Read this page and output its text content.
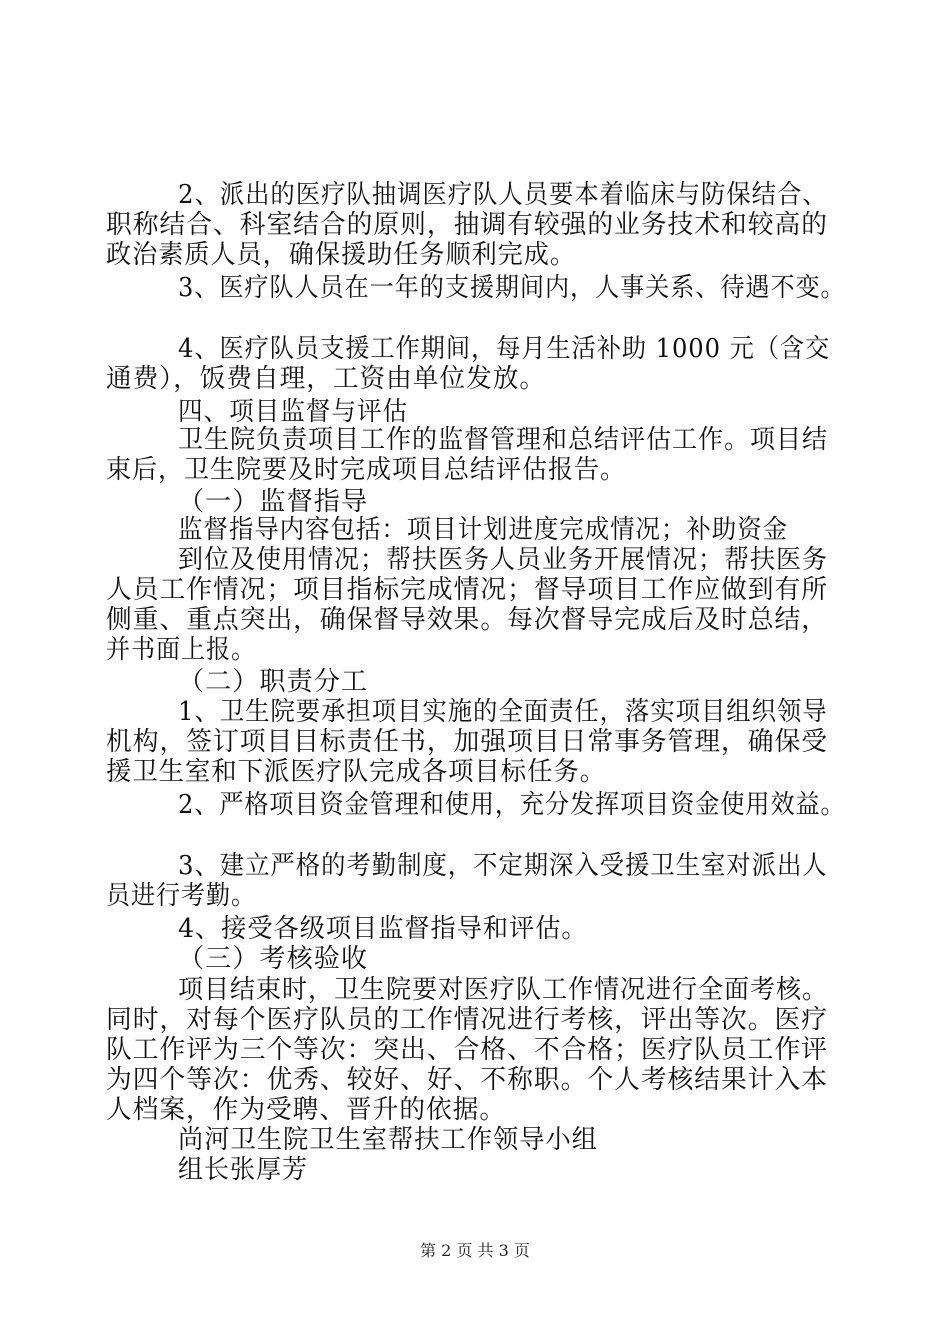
2、派出的医疗队抽调医疗队人员要本着临床与防保结合、
职称结合、科室结合的原则，抽调有较强的业务技术和较高的
政治素质人员，确保援助任务顺利完成。
3、医疗队人员在一年的支援期间内，人事关系、待遇不变。
4、医疗队员支援工作期间，每月生活补助 1000 元（含交
通费），饭费自理，工资由单位发放。
四、项目监督与评估
卫生院负责项目工作的监督管理和总结评估工作。项目结
束后，卫生院要及时完成项目总结评估报告。
（一）监督指导
监督指导内容包括：项目计划进度完成情况；补助资金
到位及使用情况；帮扶医务人员业务开展情况；帮扶医务
人员工作情况；项目指标完成情况；督导项目工作应做到有所
侧重、重点突出，确保督导效果。每次督导完成后及时总结，
并书面上报。
（二）职责分工
1、卫生院要承担项目实施的全面责任，落实项目组织领导
机构，签订项目目标责任书，加强项目日常事务管理，确保受
援卫生室和下派医疗队完成各项目标任务。
2、严格项目资金管理和使用，充分发挥项目资金使用效益。
3、建立严格的考勤制度，不定期深入受援卫生室对派出人
员进行考勤。
4、接受各级项目监督指导和评估。
（三）考核验收
项目结束时，卫生院要对医疗队工作情况进行全面考核。
同时，对每个医疗队员的工作情况进行考核，评出等次。医疗
队工作评为三个等次：突出、合格、不合格；医疗队员工作评
为四个等次：优秀、较好、好、不称职。个人考核结果计入本
人档案，作为受聘、晋升的依据。
尚河卫生院卫生室帮扶工作领导小组
组长张厚芳
第 2 页 共 3 页
